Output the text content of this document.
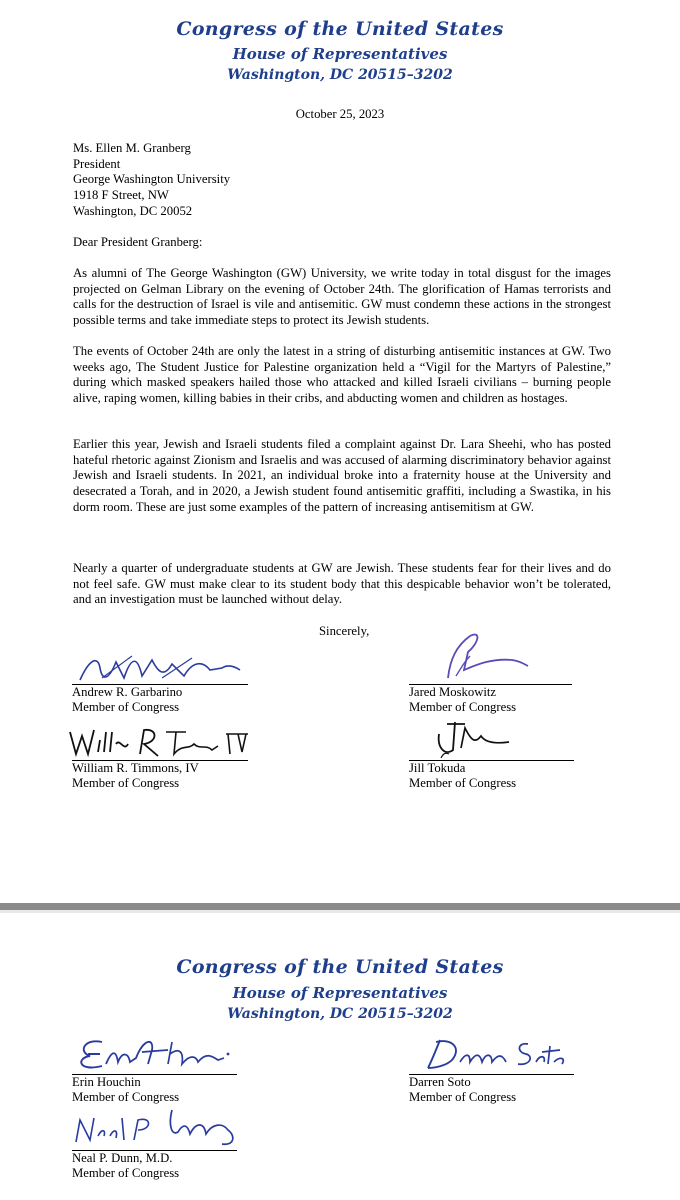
Congress of the United States
House of Representatives
Washington, DC 20515–3202
October 25, 2023
Ms. Ellen M. Granberg
President
George Washington University
1918 F Street, NW
Washington, DC 20052
Dear President Granberg:
As alumni of The George Washington (GW) University, we write today in total disgust for the images projected on Gelman Library on the evening of October 24th. The glorification of Hamas terrorists and calls for the destruction of Israel is vile and antisemitic. GW must condemn these actions in the strongest possible terms and take immediate steps to protect its Jewish students.
The events of October 24th are only the latest in a string of disturbing antisemitic instances at GW. Two weeks ago, The Student Justice for Palestine organization held a “Vigil for the Martyrs of Palestine,” during which masked speakers hailed those who attacked and killed Israeli civilians – burning people alive, raping women, killing babies in their cribs, and abducting women and children as hostages.
Earlier this year, Jewish and Israeli students filed a complaint against Dr. Lara Sheehi, who has posted hateful rhetoric against Zionism and Israelis and was accused of alarming discriminatory behavior against Jewish and Israeli students. In 2021, an individual broke into a fraternity house at the University and desecrated a Torah, and in 2020, a Jewish student found antisemitic graffiti, including a Swastika, in his dorm room. These are just some examples of the pattern of increasing antisemitism at GW.
Nearly a quarter of undergraduate students at GW are Jewish. These students fear for their lives and do not feel safe. GW must make clear to its student body that this despicable behavior won’t be tolerated, and an investigation must be launched without delay.
Sincerely,
Andrew R. Garbarino
Member of Congress
Jared Moskowitz
Member of Congress
William R. Timmons, IV
Member of Congress
Jill Tokuda
Member of Congress
Congress of the United States
House of Representatives
Washington, DC 20515–3202
Erin Houchin
Member of Congress
Darren Soto
Member of Congress
Neal P. Dunn, M.D.
Member of Congress
